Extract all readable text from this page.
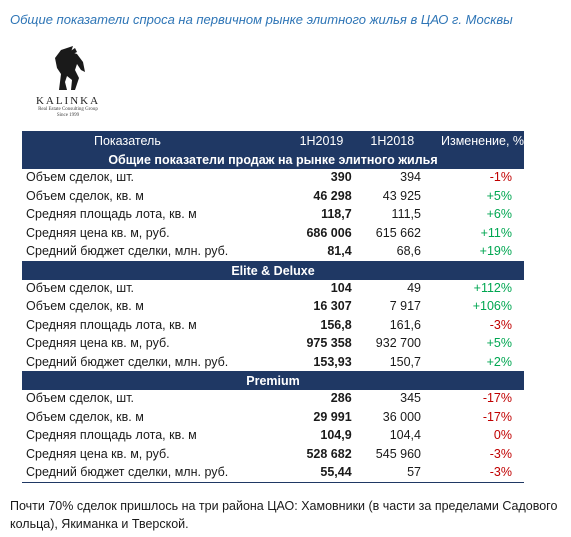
Общие показатели спроса на первичном рынке элитного жилья в ЦАО г. Москвы
KALINKA
Real Estate Consulting Group
Since 1999
Показатель	1H2019	1H2018	Изменение, %
Общие показатели продаж на рынке элитного жилья			
Объем сделок, шт.	390	394	-1%
Объем сделок, кв. м	46 298	43 925	+5%
Средняя площадь лота, кв. м	118,7	111,5	+6%
Средняя цена кв. м, руб.	686 006	615 662	+11%
Средний бюджет сделки, млн. руб.	81,4	68,6	+19%
Elite & Deluxe			
Объем сделок, шт.	104	49	+112%
Объем сделок, кв. м	16 307	7 917	+106%
Средняя площадь лота, кв. м	156,8	161,6	-3%
Средняя цена кв. м, руб.	975 358	932 700	+5%
Средний бюджет сделки, млн. руб.	153,93	150,7	+2%
Premium			
Объем сделок, шт.	286	345	-17%
Объем сделок, кв. м	29 991	36 000	-17%
Средняя площадь лота, кв. м	104,9	104,4	0%
Средняя цена кв. м, руб.	528 682	545 960	-3%
Средний бюджет сделки, млн. руб.	55,44	57	-3%
Почти 70% сделок пришлось на три района ЦАО: Хамовники (в части за пределами Садового кольца), Якиманка и Тверской.
